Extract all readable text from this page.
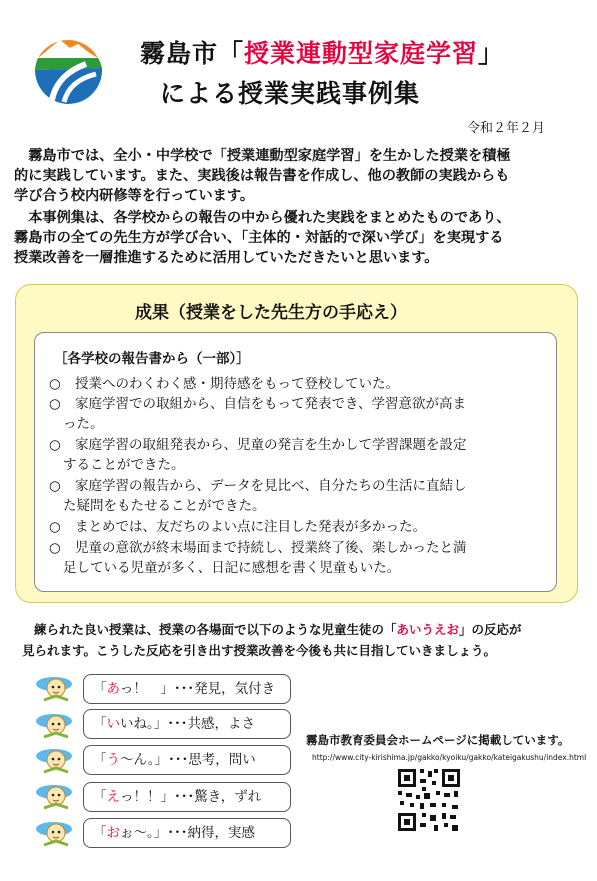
霧島市「授業連動型家庭学習」
による授業実践事例集
令和２年２月
　霧島市では、全小・中学校で「授業連動型家庭学習」を生かした授業を積極
的に実践しています。また、実践後は報告書を作成し、他の教師の実践からも
学び合う校内研修等を行っています。
　本事例集は、各学校からの報告の中から優れた実践をまとめたものであり、
霧島市の全ての先生方が学び合い、「主体的・対話的で深い学び」を実現する
授業改善を一層推進するために活用していただきたいと思います。
成果（授業をした先生方の手応え）
［各学校の報告書から（一部）］
○ 授業へのわくわく感・期待感をもって登校していた。
○ 家庭学習での取組から、自信をもって発表でき、学習意欲が高ま
った。
○ 家庭学習の取組発表から、児童の発言を生かして学習課題を設定
することができた。
○ 家庭学習の報告から、データを見比べ、自分たちの生活に直結し
た疑問をもたせることができた。
○ まとめでは、友だちのよい点に注目した発表が多かった。
○ 児童の意欲が終末場面まで持続し、授業終了後、楽しかったと満
足している児童が多く、日記に感想を書く児童もいた。
練られた良い授業は、授業の各場面で以下のような児童生徒の「あいうえお」の反応が
見られます。こうした反応を引き出す授業改善を今後も共に目指していきましょう。
「あっ！　」･･･発見，気付き
「いいね。」･･･共感，よさ
「う～ん。」･･･思考，問い
「えっ！！」･･･驚き，ずれ
「おぉ～。」･･･納得，実感
霧島市教育委員会ホームページに掲載しています。
http://www.city-kirishima.jp/gakko/kyoiku/gakko/kateigakushu/index.html
